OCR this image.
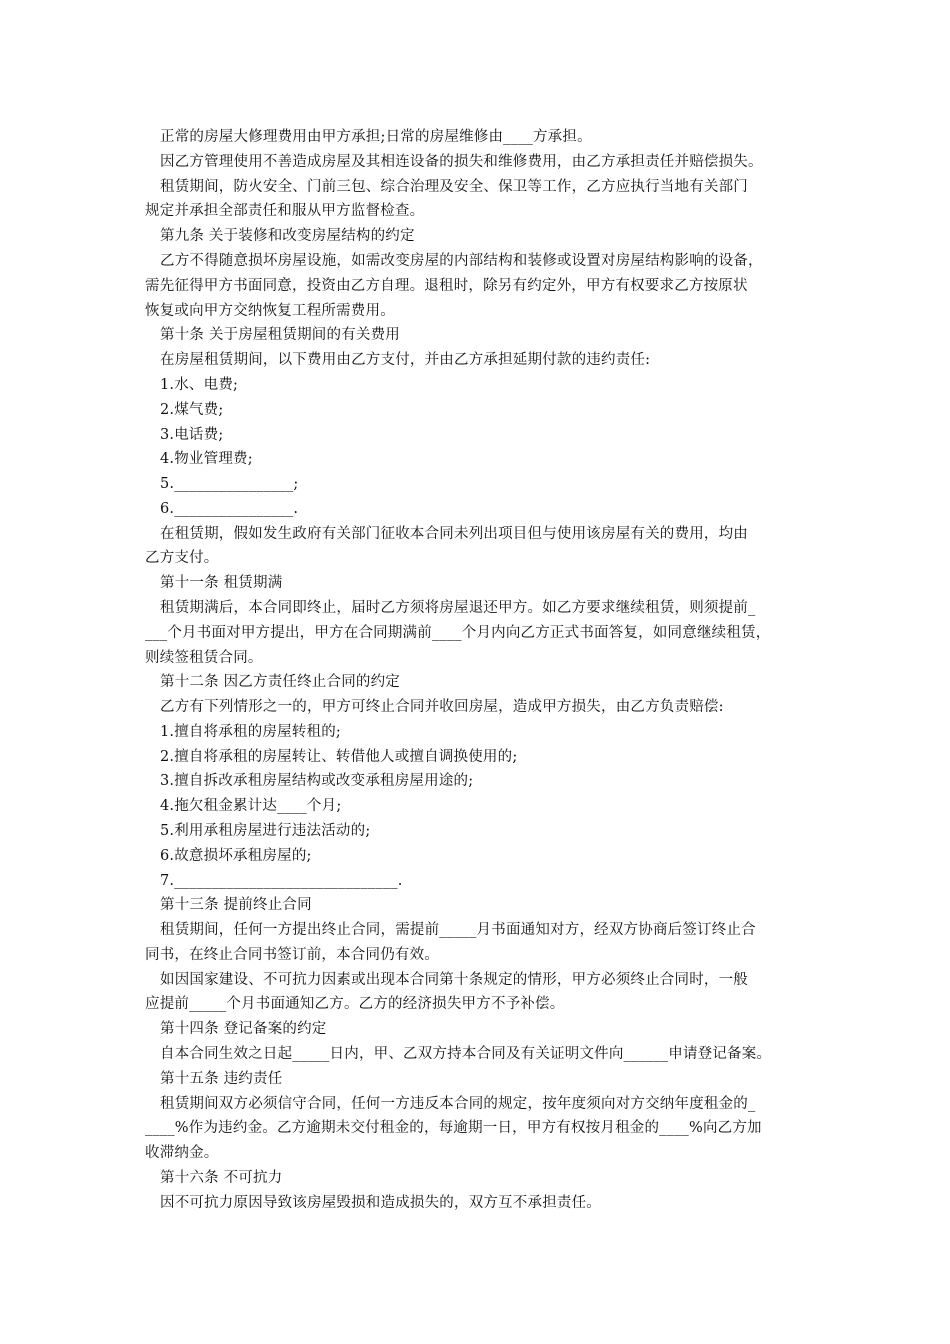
正常的房屋大修理费用由甲方承担;日常的房屋维修由____方承担。
因乙方管理使用不善造成房屋及其相连设备的损失和维修费用，由乙方承担责任并赔偿损失。
租赁期间，防火安全、门前三包、综合治理及安全、保卫等工作，乙方应执行当地有关部门
规定并承担全部责任和服从甲方监督检查。
第九条 关于装修和改变房屋结构的约定
乙方不得随意损坏房屋设施，如需改变房屋的内部结构和装修或设置对房屋结构影响的设备，
需先征得甲方书面同意，投资由乙方自理。退租时，除另有约定外，甲方有权要求乙方按原状
恢复或向甲方交纳恢复工程所需费用。
第十条 关于房屋租赁期间的有关费用
在房屋租赁期间，以下费用由乙方支付，并由乙方承担延期付款的违约责任:
1.水、电费;
2.煤气费;
3.电话费;
4.物业管理费;
5.________________;
6.________________.
在租赁期，假如发生政府有关部门征收本合同未列出项目但与使用该房屋有关的费用，均由
乙方支付。
第十一条 租赁期满
租赁期满后，本合同即终止，届时乙方须将房屋退还甲方。如乙方要求继续租赁，则须提前_
___个月书面对甲方提出，甲方在合同期满前____个月内向乙方正式书面答复，如同意继续租赁，
则续签租赁合同。
第十二条 因乙方责任终止合同的约定
乙方有下列情形之一的，甲方可终止合同并收回房屋，造成甲方损失，由乙方负责赔偿:
1.擅自将承租的房屋转租的;
2.擅自将承租的房屋转让、转借他人或擅自调换使用的;
3.擅自拆改承租房屋结构或改变承租房屋用途的;
4.拖欠租金累计达____个月;
5.利用承租房屋进行违法活动的;
6.故意损坏承租房屋的;
7.______________________________.
第十三条 提前终止合同
租赁期间，任何一方提出终止合同，需提前_____月书面通知对方，经双方协商后签订终止合
同书，在终止合同书签订前，本合同仍有效。
如因国家建设、不可抗力因素或出现本合同第十条规定的情形，甲方必须终止合同时，一般
应提前_____个月书面通知乙方。乙方的经济损失甲方不予补偿。
第十四条 登记备案的约定
自本合同生效之日起_____日内，甲、乙双方持本合同及有关证明文件向______申请登记备案。
第十五条 违约责任
租赁期间双方必须信守合同，任何一方违反本合同的规定，按年度须向对方交纳年度租金的_
____%作为违约金。乙方逾期未交付租金的，每逾期一日，甲方有权按月租金的____%向乙方加
收滞纳金。
第十六条 不可抗力
因不可抗力原因导致该房屋毁损和造成损失的，双方互不承担责任。
